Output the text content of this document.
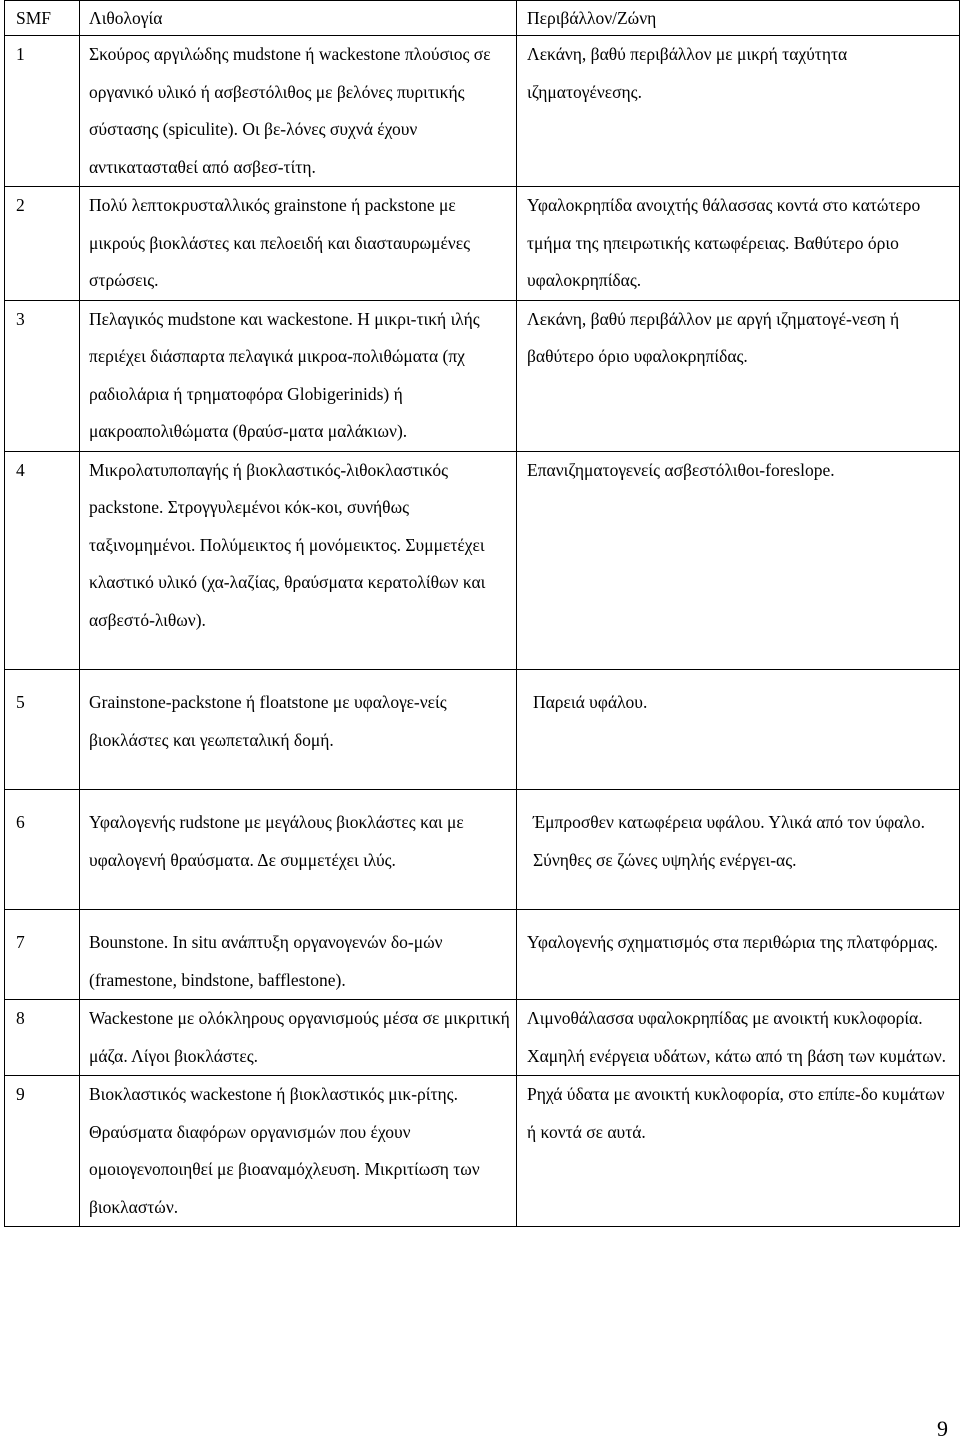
SMF	Λιθολογία	Περιβάλλον/Ζώνη
1	Σκούρος αργιλώδης mudstone ή wackestone πλούσιος σε οργανικό υλικό ή ασβεστόλιθος με βελόνες πυριτικής σύστασης (spiculite). Οι βε-λόνες συχνά έχουν αντικατασταθεί από ασβεσ-τίτη.	Λεκάνη, βαθύ περιβάλλον με μικρή ταχύτητα ιζηματογένεσης.
2	Πολύ λεπτοκρυσταλλικός grainstone ή packstone με μικρούς βιοκλάστες και πελοειδή και διασταυρωμένες στρώσεις.	Υφαλοκρηπίδα ανοιχτής θάλασσας κοντά στο κατώτερο τμήμα της ηπειρωτικής κατωφέρειας. Βαθύτερο όριο υφαλοκρηπίδας.
3	Πελαγικός mudstone και wackestone. Η μικρι-τική ιλής περιέχει διάσπαρτα πελαγικά μικροα-πολιθώματα (πχ ραδιολάρια ή τρηματοφόρα Globigerinids) ή μακροαπολιθώματα (θραύσ-ματα μαλάκιων).	Λεκάνη, βαθύ περιβάλλον με αργή ιζηματογέ-νεση ή βαθύτερο όριο υφαλοκρηπίδας.
4	Μικρολατυποπαγής ή βιοκλαστικός-λιθοκλαστικός packstone. Στρογγυλεμένοι κόκ-κοι, συνήθως ταξινομημένοι. Πολύμεικτος ή μονόμεικτος. Συμμετέχει κλαστικό υλικό (χα-λαζίας, θραύσματα κερατολίθων και ασβεστό-λιθων).	Επανιζηματογενείς ασβεστόλιθοι-foreslope.
5	Grainstone-packstone ή floatstone με υφαλογε-νείς βιοκλάστες και γεωπεταλική δομή.	Παρειά υφάλου.
6	Υφαλογενής rudstone με μεγάλους βιοκλάστες και με υφαλογενή θραύσματα. Δε συμμετέχει ιλύς.	Έμπροσθεν κατωφέρεια υφάλου. Υλικά από τον ύφαλο. Σύνηθες σε ζώνες υψηλής ενέργει-ας.
7	Bounstone. In situ ανάπτυξη οργανογενών δο-μών (framestone, bindstone, bafflestone).	Υφαλογενής σχηματισμός στα περιθώρια της πλατφόρμας.
8	Wackestone με ολόκληρους οργανισμούς μέσα σε μικριτική μάζα. Λίγοι βιοκλάστες.	Λιμνοθάλασσα υφαλοκρηπίδας με ανοικτή κυκλοφορία. Χαμηλή ενέργεια υδάτων, κάτω από τη βάση των κυμάτων.
9	Βιοκλαστικός wackestone ή βιοκλαστικός μικ-ρίτης. Θραύσματα διαφόρων οργανισμών που έχουν ομοιογενοποιηθεί με βιοαναμόχλευση. Μικριτίωση των βιοκλαστών.	Ρηχά ύδατα με ανοικτή κυκλοφορία, στο επίπε-δο κυμάτων ή κοντά σε αυτά.
9
